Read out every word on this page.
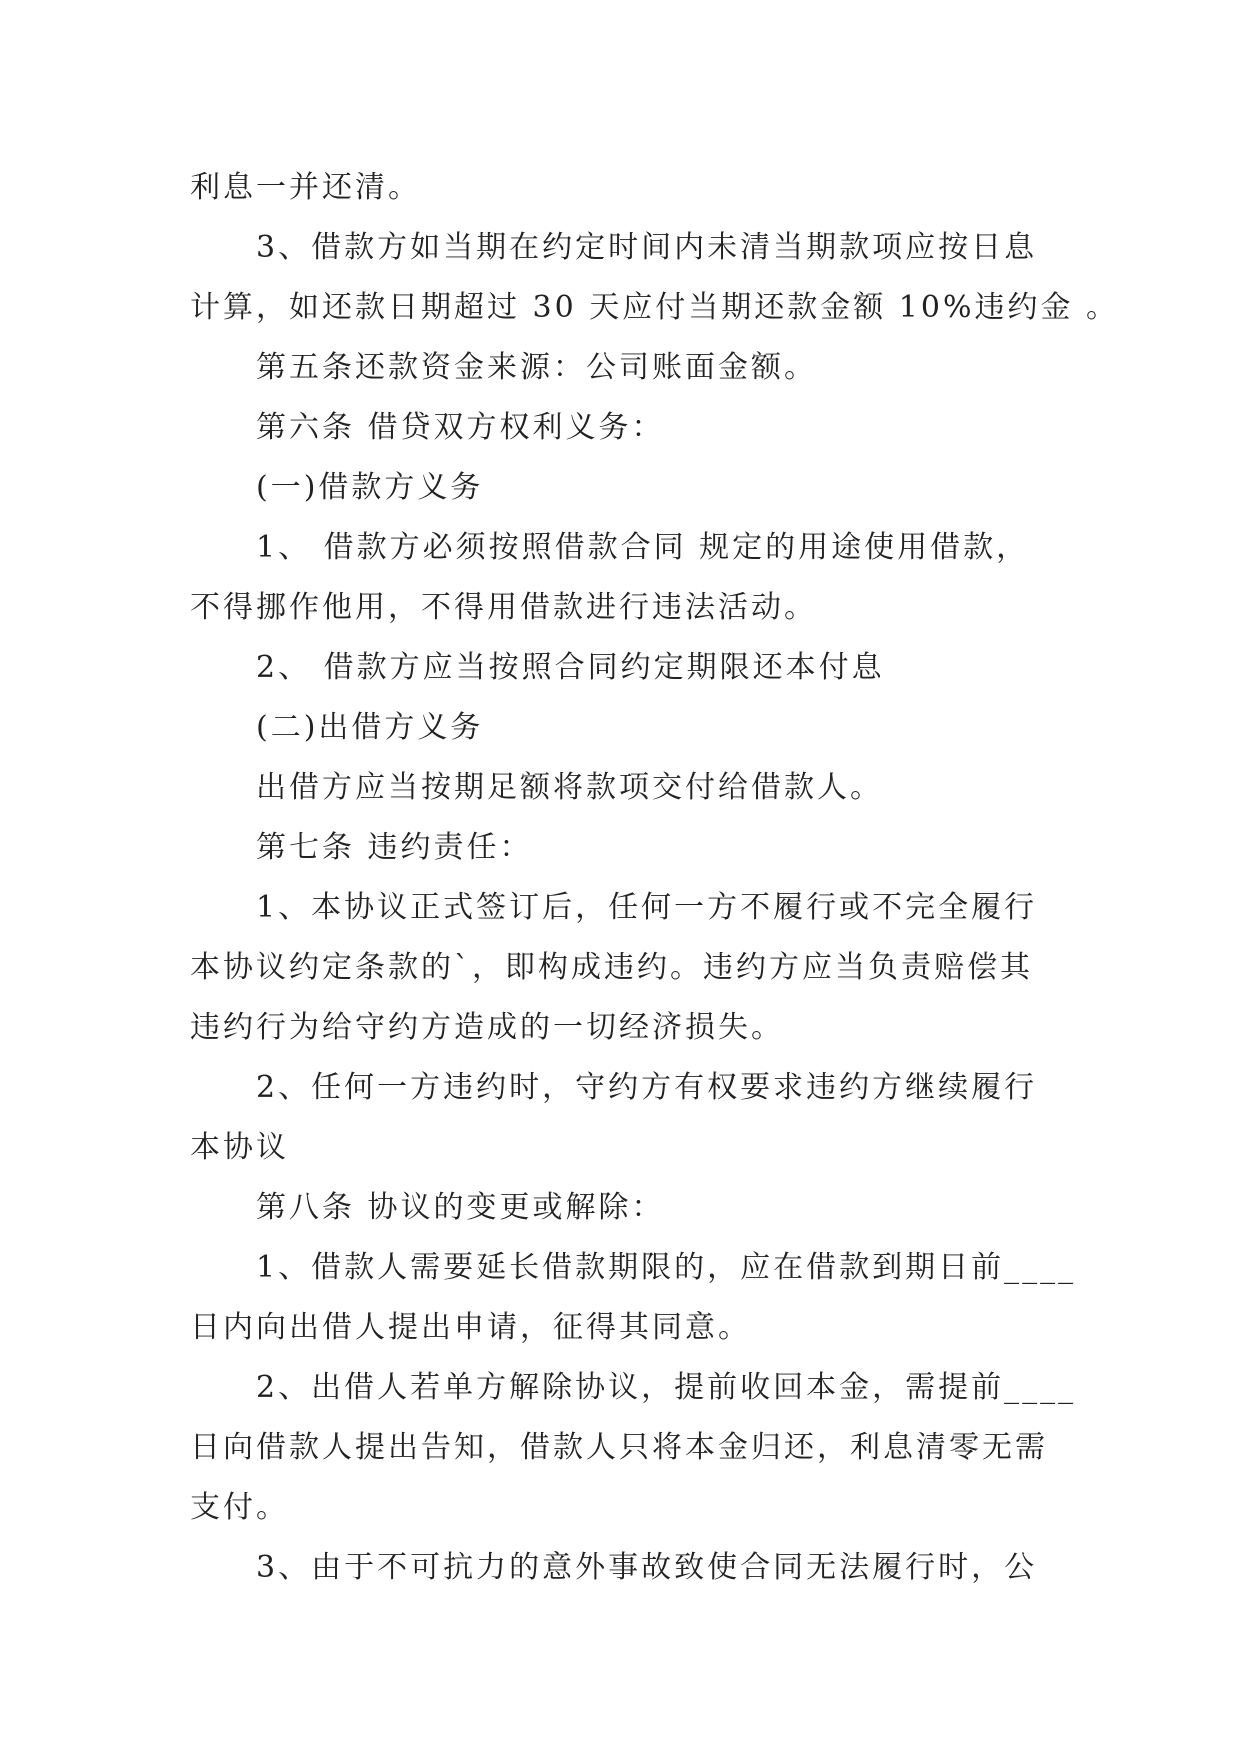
利息一并还清。
3、借款方如当期在约定时间内未清当期款项应按日息
计算，如还款日期超过 30 天应付当期还款金额 10%违约金 。
第五条还款资金来源：公司账面金额。
第六条 借贷双方权利义务：
(一)借款方义务
1、 借款方必须按照借款合同 规定的用途使用借款，
不得挪作他用，不得用借款进行违法活动。
2、 借款方应当按照合同约定期限还本付息
(二)出借方义务
出借方应当按期足额将款项交付给借款人。
第七条 违约责任：
1、本协议正式签订后，任何一方不履行或不完全履行
本协议约定条款的`，即构成违约。违约方应当负责赔偿其
违约行为给守约方造成的一切经济损失。
2、任何一方违约时，守约方有权要求违约方继续履行
本协议
第八条 协议的变更或解除：
1、借款人需要延长借款期限的，应在借款到期日前____
日内向出借人提出申请，征得其同意。
2、出借人若单方解除协议，提前收回本金，需提前____
日向借款人提出告知，借款人只将本金归还，利息清零无需
支付。
3、由于不可抗力的意外事故致使合同无法履行时，公
